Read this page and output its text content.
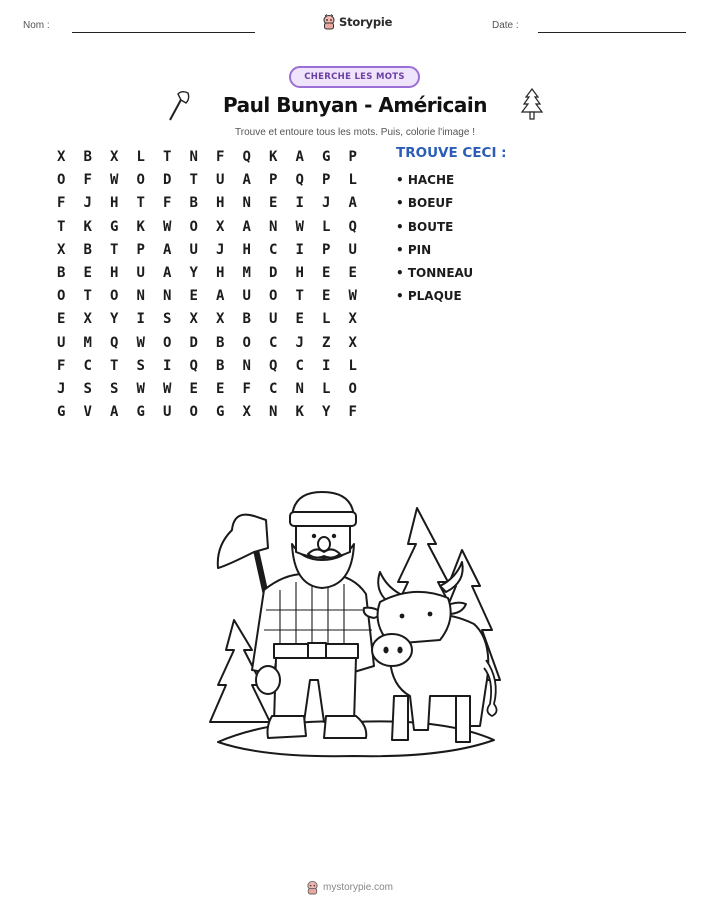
Nom :	Storypie	Date :
CHERCHE LES MOTS
Paul Bunyan - Américain
Trouve et entoure tous les mots. Puis, colorie l'image !
X	B	X	L	T	N	F	Q	K	A	G	P
O	F	W	O	D	T	U	A	P	Q	P	L
F	J	H	T	F	B	H	N	E	I	J	A
T	K	G	K	W	O	X	A	N	W	L	Q
X	B	T	P	A	U	J	H	C	I	P	U
B	E	H	U	A	Y	H	M	D	H	E	E
O	T	O	N	N	E	A	U	O	T	E	W
E	X	Y	I	S	X	X	B	U	E	L	X
U	M	Q	W	O	D	B	O	C	J	Z	X
F	C	T	S	I	Q	B	N	Q	C	I	L
J	S	S	W	W	E	E	F	C	N	L	O
G	V	A	G	U	O	G	X	N	K	Y	F
TROUVE CECI :
• HACHE
• BOEUF
• BOUTE
• PIN
• TONNEAU
• PLAQUE
mystorypie.com
